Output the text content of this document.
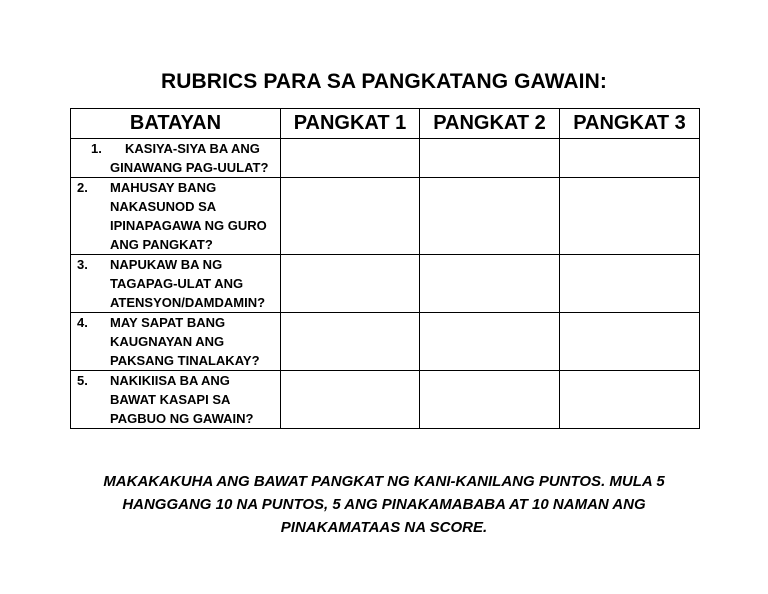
RUBRICS PARA SA PANGKATANG GAWAIN:
BATAYAN	PANGKAT 1	PANGKAT 2	PANGKAT 3

1. KASIYA-SIYA BA ANG GINAWANG PAG-UULAT?			

2. MAHUSAY BANG NAKASUNOD SA IPINAPAGAWA NG GURO ANG PANGKAT?			

3. NAPUKAW BA NG TAGAPAG-ULAT ANG ATENSYON/DAMDAMIN?			

4. MAY SAPAT BANG KAUGNAYAN ANG PAKSANG TINALAKAY?			

5. NAKIKIISA BA ANG BAWAT KASAPI SA PAGBUO NG GAWAIN?			

MAKAKAKUHA ANG BAWAT PANGKAT NG KANI-KANILANG PUNTOS. MULA 5 HANGGANG 10 NA PUNTOS, 5 ANG PINAKAMABABA AT 10 NAMAN ANG PINAKAMATAAS NA SCORE.
